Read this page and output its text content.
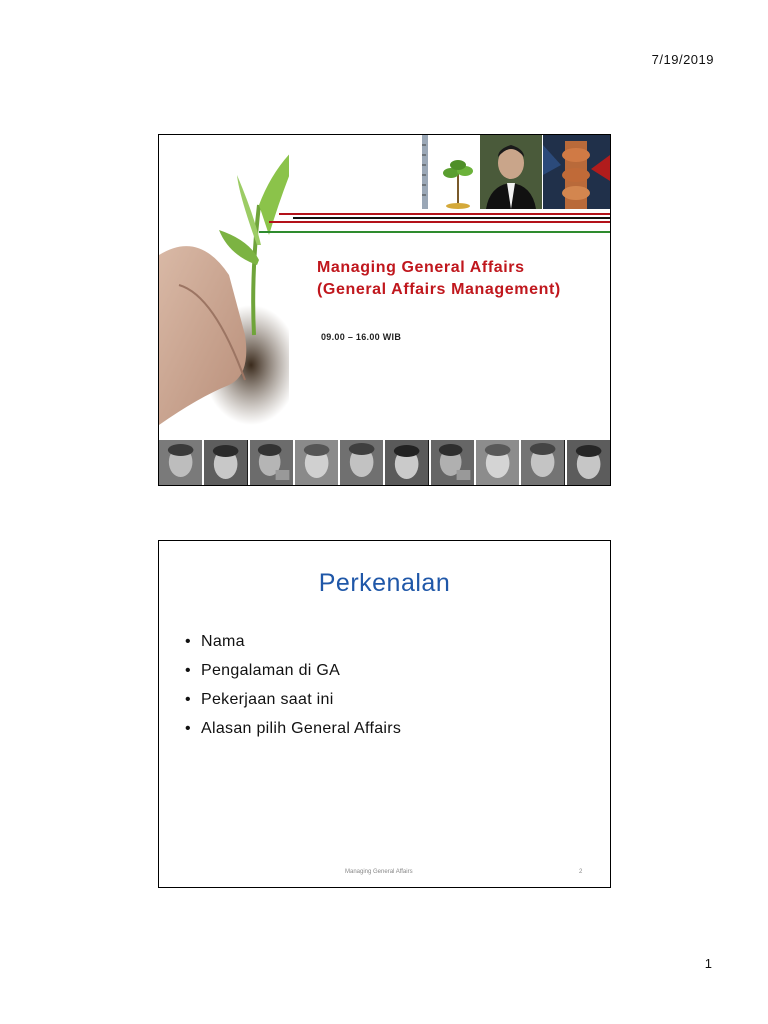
7/19/2019
Managing General Affairs
(General Affairs Management)
09.00 – 16.00 WIB
Perkenalan
• Nama
• Pengalaman di GA
• Pekerjaan saat ini
• Alasan pilih General Affairs
Managing General Affairs	2
1
